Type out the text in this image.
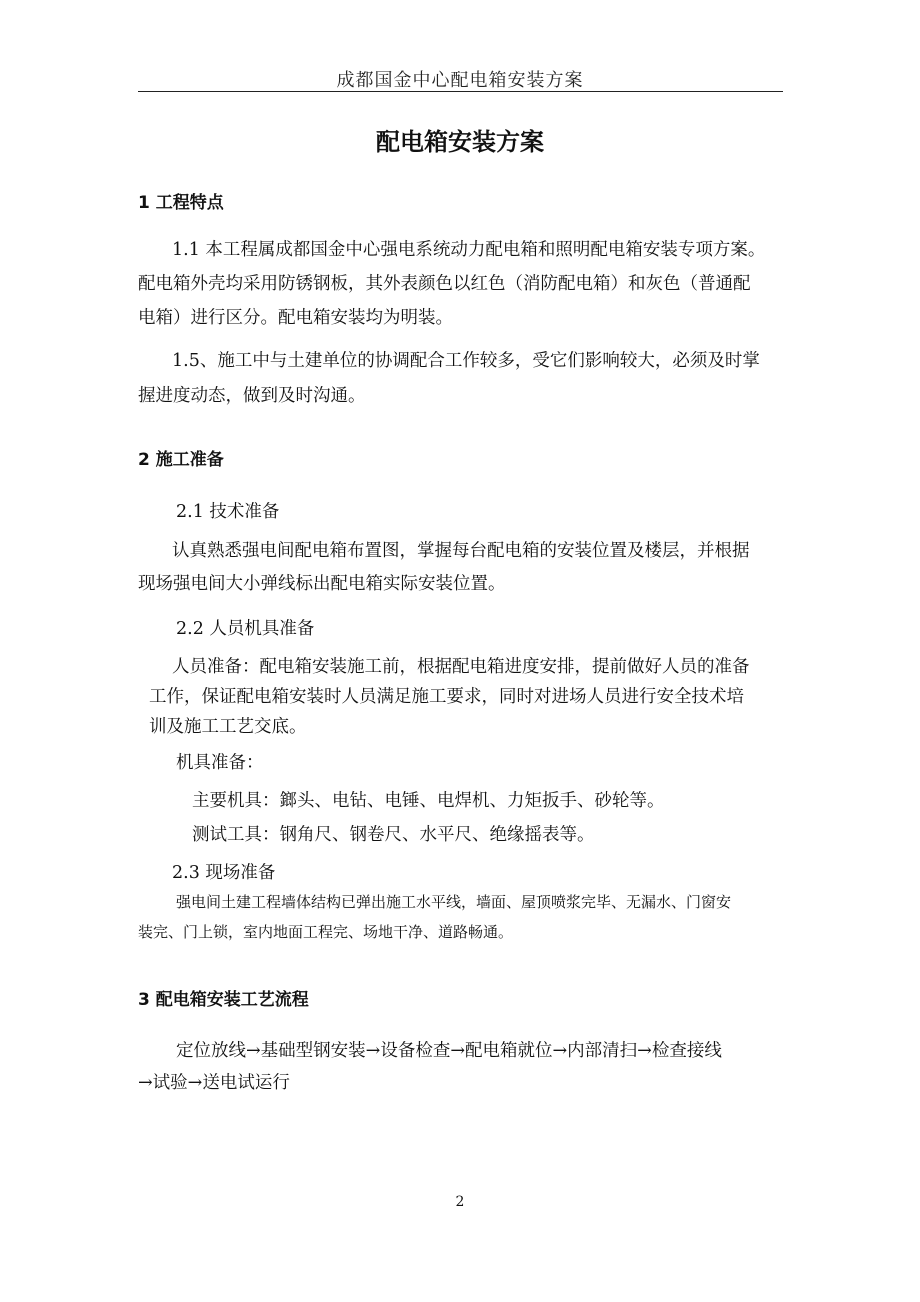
成都国金中心配电箱安装方案
配电箱安装方案
1 工程特点
1.1 本工程属成都国金中心强电系统动力配电箱和照明配电箱安装专项方案。
配电箱外壳均采用防锈钢板，其外表颜色以红色（消防配电箱）和灰色（普通配
电箱）进行区分。配电箱安装均为明装。
1.5、施工中与土建单位的协调配合工作较多，受它们影响较大，必须及时掌
握进度动态，做到及时沟通。
2 施工准备
2.1 技术准备
认真熟悉强电间配电箱布置图，掌握每台配电箱的安装位置及楼层，并根据
现场强电间大小弹线标出配电箱实际安装位置。
2.2 人员机具准备
人员准备：配电箱安装施工前，根据配电箱进度安排，提前做好人员的准备
工作，保证配电箱安装时人员满足施工要求，同时对进场人员进行安全技术培
训及施工工艺交底。
机具准备：
主要机具：鎯头、电钻、电锤、电焊机、力矩扳手、砂轮等。
测试工具：钢角尺、钢卷尺、水平尺、绝缘摇表等。
2.3 现场准备
强电间土建工程墙体结构已弹出施工水平线，墙面、屋顶喷浆完毕、无漏水、门窗安
装完、门上锁，室内地面工程完、场地干净、道路畅通。
3 配电箱安装工艺流程
定位放线→基础型钢安装→设备检查→配电箱就位→内部清扫→检查接线
→试验→送电试运行
2
